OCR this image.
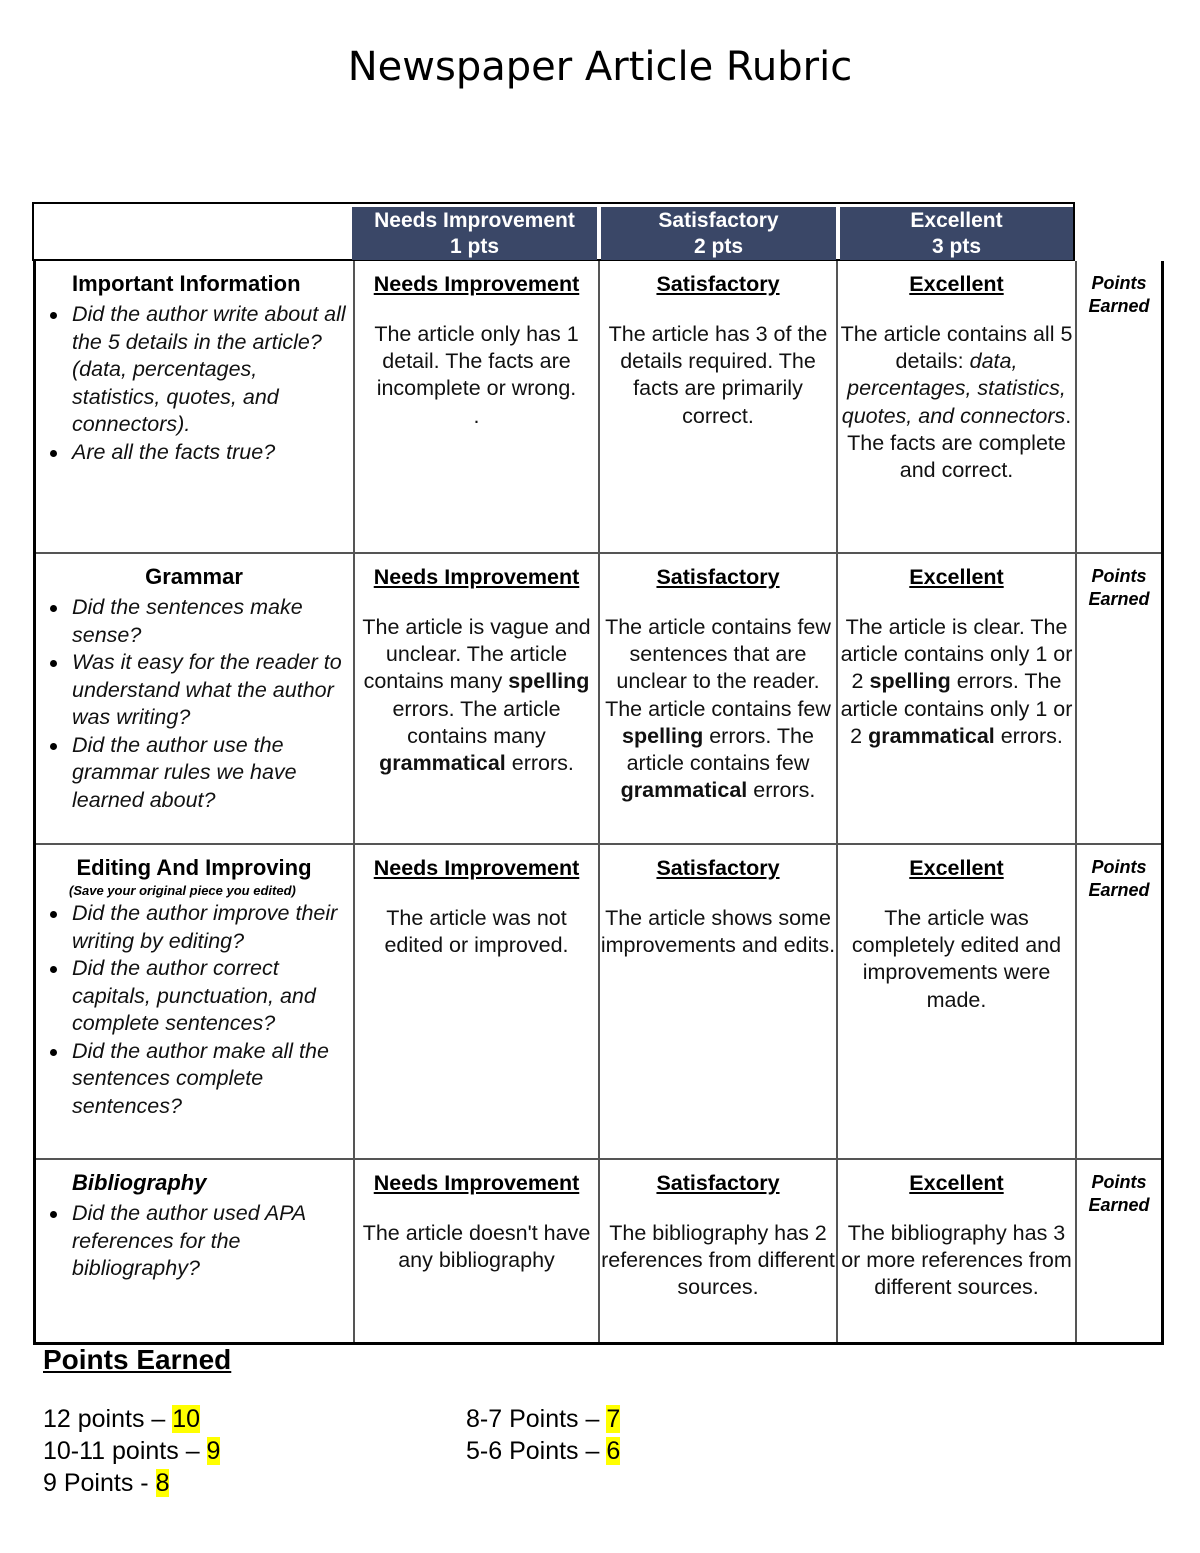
Newspaper Article Rubric
Needs Improvement
1 pts
Satisfactory
2 pts
Excellent
3 pts
Important Information
Did the author write about all the 5 details in the article? (data, percentages, statistics, quotes, and connectors).
Are all the facts true?
Needs Improvement
The article only has 1 detail. The facts are incomplete or wrong.
.
Satisfactory
The article has 3 of the details required. The facts are primarily correct.
Excellent
The article contains all 5 details: data, percentages, statistics, quotes, and connectors. The facts are complete and correct.
Points
Earned
Grammar
Did the sentences make sense?
Was it easy for the reader to understand what the author was writing?
Did the author use the grammar rules we have learned about?
Needs Improvement
The article is vague and unclear. The article contains many spelling errors. The article contains many grammatical errors.
Satisfactory
The article contains few sentences that are unclear to the reader. The article contains few spelling errors. The article contains few grammatical errors.
Excellent
The article is clear. The article contains only 1 or 2 spelling errors. The article contains only 1 or 2 grammatical errors.
Points
Earned
Editing And Improving
(Save your original piece you edited)
Did the author improve their writing by editing?
Did the author correct capitals, punctuation, and complete sentences?
Did the author make all the sentences complete sentences?
Needs Improvement
The article was not edited or improved.
Satisfactory
The article shows some improvements and edits.
Excellent
The article was completely edited and improvements were made.
Points
Earned
Bibliography
Did the author used APA references for the bibliography?
Needs Improvement
The article doesn't have any bibliography
Satisfactory
The bibliography has 2 references from different sources.
Excellent
The bibliography has 3 or more references from different sources.
Points
Earned
Points Earned
12 points – 10
10-11 points – 9
9 Points - 8
8-7 Points – 7
5-6 Points – 6
